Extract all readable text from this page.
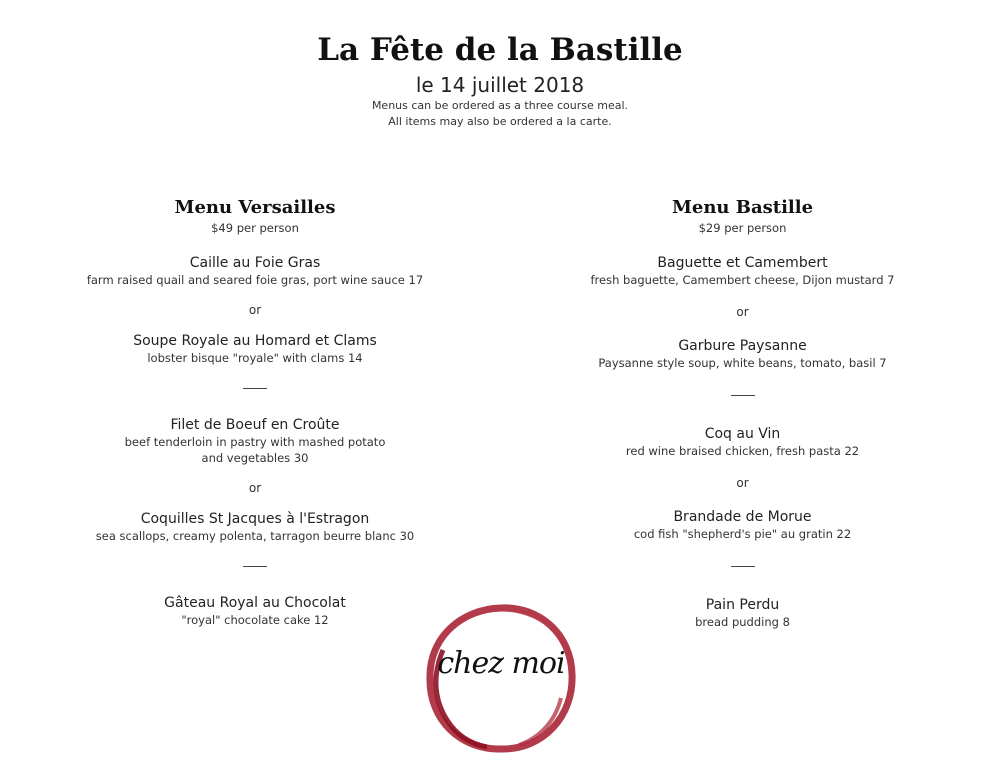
La Fête de la Bastille
le 14 juillet 2018
Menus can be ordered as a three course meal.
All items may also be ordered a la carte.
Menu Versailles
$49 per person
Caille au Foie Gras
farm raised quail and seared foie gras, port wine sauce 17
or
Soupe Royale au Homard et Clams
lobster bisque "royale" with clams 14
Filet de Boeuf en Croûte
beef tenderloin in pastry with mashed potato
and vegetables 30
or
Coquilles St Jacques à l'Estragon
sea scallops, creamy polenta, tarragon beurre blanc 30
Gâteau Royal au Chocolat
"royal" chocolate cake 12
Menu Bastille
$29 per person
Baguette et Camembert
fresh baguette, Camembert cheese, Dijon mustard 7
or
Garbure Paysanne
Paysanne style soup, white beans, tomato, basil 7
Coq au Vin
red wine braised chicken, fresh pasta 22
or
Brandade de Morue
cod fish "shepherd's pie" au gratin 22
Pain Perdu
bread pudding 8
chez moi
